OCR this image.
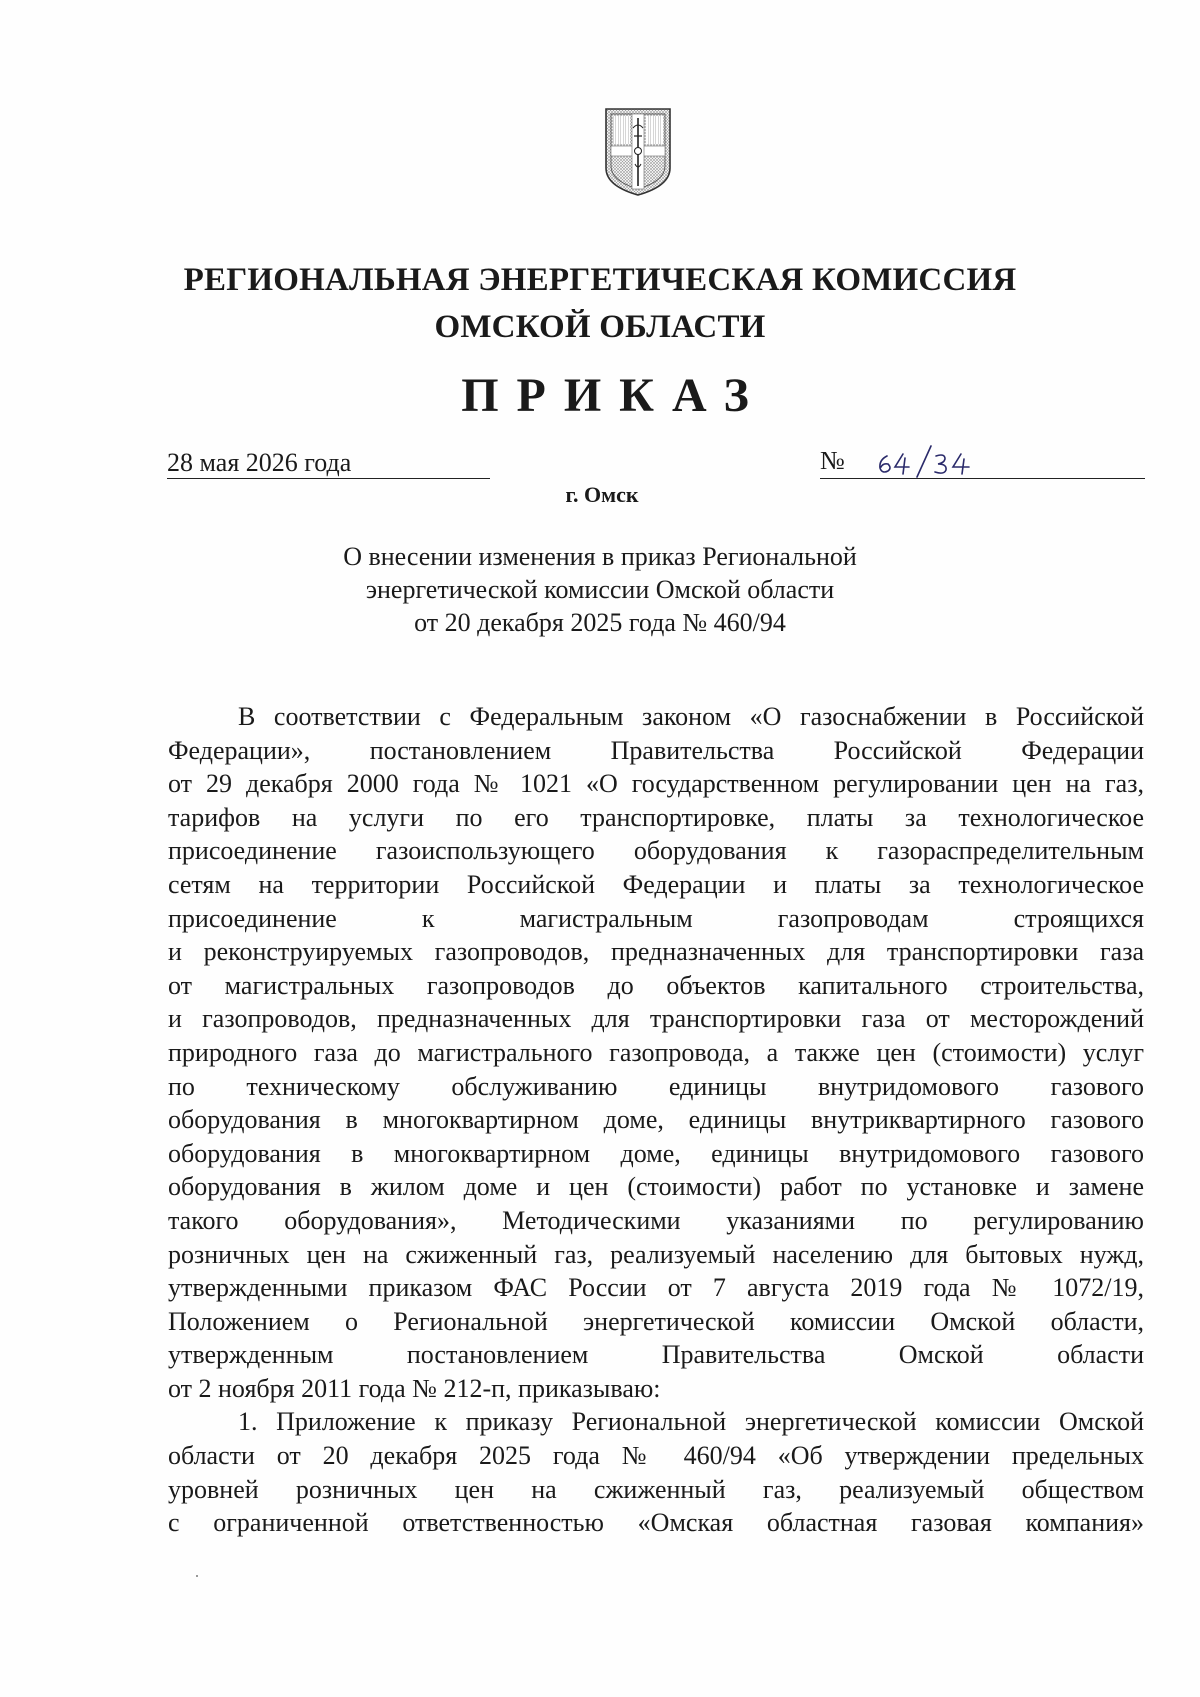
РЕГИОНАЛЬНАЯ ЭНЕРГЕТИЧЕСКАЯ КОМИССИЯ
ОМСКОЙ ОБЛАСТИ
ПРИКАЗ
28 мая 2026 года	№
г. Омск
О внесении изменения в приказ Региональной
энергетической комиссии Омской области
от 20 декабря 2025 года № 460/94
В соответствии с Федеральным законом «О газоснабжении в Российской
Федерации», постановлением Правительства Российской Федерации
от 29 декабря 2000 года № 1021 «О государственном регулировании цен на газ,
тарифов на услуги по его транспортировке, платы за технологическое
присоединение газоиспользующего оборудования к газораспределительным
сетям на территории Российской Федерации и платы за технологическое
присоединение к магистральным газопроводам строящихся
и реконструируемых газопроводов, предназначенных для транспортировки газа
от магистральных газопроводов до объектов капитального строительства,
и газопроводов, предназначенных для транспортировки газа от месторождений
природного газа до магистрального газопровода, а также цен (стоимости) услуг
по техническому обслуживанию единицы внутридомового газового
оборудования в многоквартирном доме, единицы внутриквартирного газового
оборудования в многоквартирном доме, единицы внутридомового газового
оборудования в жилом доме и цен (стоимости) работ по установке и замене
такого оборудования», Методическими указаниями по регулированию
розничных цен на сжиженный газ, реализуемый населению для бытовых нужд,
утвержденными приказом ФАС России от 7 августа 2019 года № 1072/19,
Положением о Региональной энергетической комиссии Омской области,
утвержденным постановлением Правительства Омской области
от 2 ноября 2011 года № 212-п, приказываю:
1. Приложение к приказу Региональной энергетической комиссии Омской
области от 20 декабря 2025 года № 460/94 «Об утверждении предельных
уровней розничных цен на сжиженный газ, реализуемый обществом
с ограниченной ответственностью «Омская областная газовая компания»
